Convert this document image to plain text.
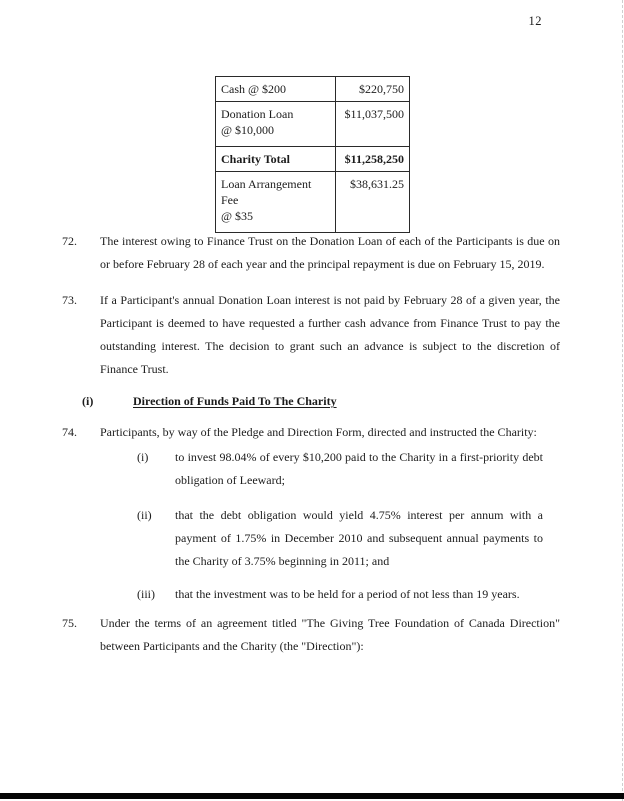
12
Cash @ $200	$220,750
Donation Loan
@ $10,000	$11,037,500
Charity Total	$11,258,250
Loan Arrangement Fee
@ $35	$38,631.25
72.	The interest owing to Finance Trust on the Donation Loan of each of the Participants is due on or before February 28 of each year and the principal repayment is due on February 15, 2019.
73.	If a Participant's annual Donation Loan interest is not paid by February 28 of a given year, the Participant is deemed to have requested a further cash advance from Finance Trust to pay the outstanding interest. The decision to grant such an advance is subject to the discretion of Finance Trust.
(i)	Direction of Funds Paid To The Charity
74.	Participants, by way of the Pledge and Direction Form, directed and instructed the Charity:
(i)	to invest 98.04% of every $10,200 paid to the Charity in a first-priority debt obligation of Leeward;
(ii)	that the debt obligation would yield 4.75% interest per annum with a payment of 1.75% in December 2010 and subsequent annual payments to the Charity of 3.75% beginning in 2011; and
(iii)	that the investment was to be held for a period of not less than 19 years.
75.	Under the terms of an agreement titled "The Giving Tree Foundation of Canada Direction" between Participants and the Charity (the "Direction"):
